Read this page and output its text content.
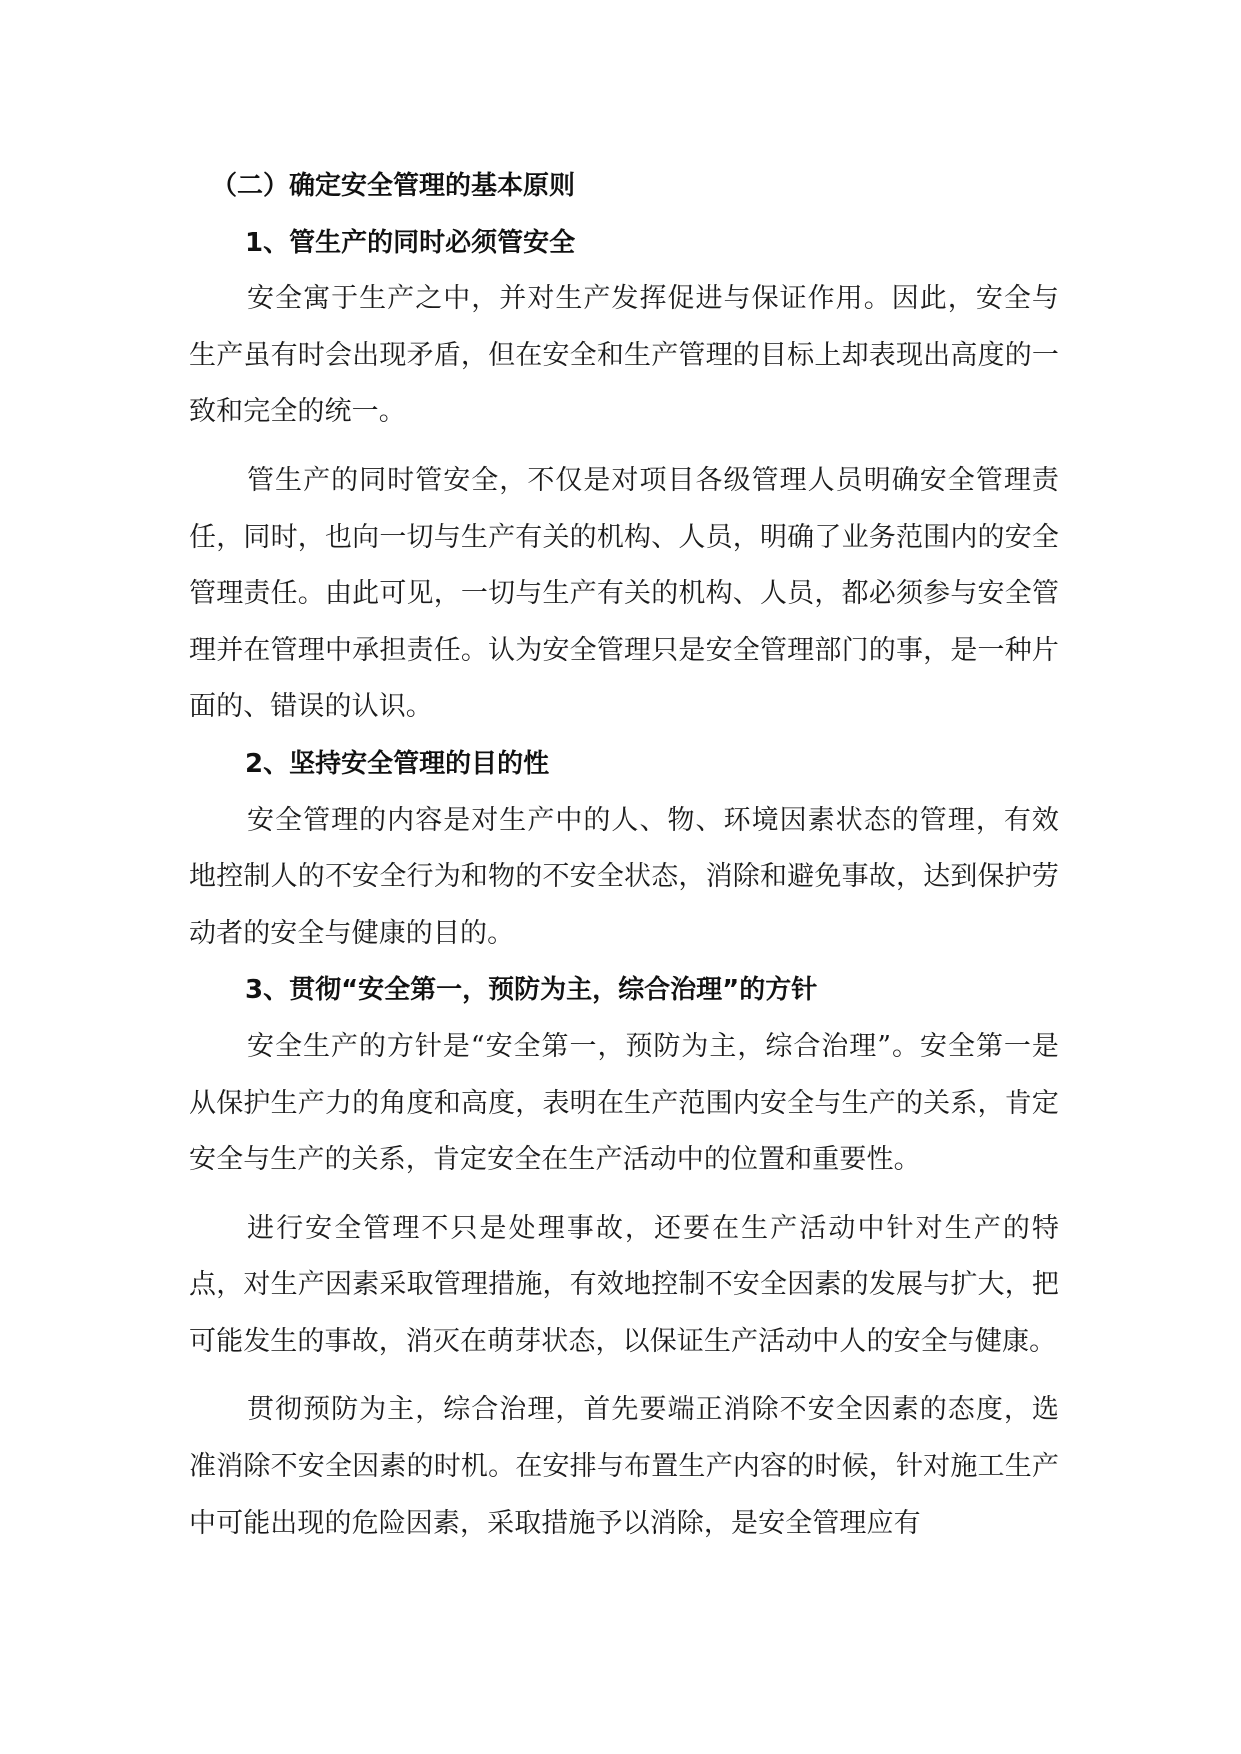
（二）确定安全管理的基本原则

1、管生产的同时必须管安全

安全寓于生产之中，并对生产发挥促进与保证作用。因此，安全与生产虽有时会出现矛盾，但在安全和生产管理的目标上却表现出高度的一致和完全的统一。

管生产的同时管安全，不仅是对项目各级管理人员明确安全管理责任，同时，也向一切与生产有关的机构、人员，明确了业务范围内的安全管理责任。由此可见，一切与生产有关的机构、人员，都必须参与安全管理并在管理中承担责任。认为安全管理只是安全管理部门的事，是一种片面的、错误的认识。

2、坚持安全管理的目的性

安全管理的内容是对生产中的人、物、环境因素状态的管理，有效地控制人的不安全行为和物的不安全状态，消除和避免事故，达到保护劳动者的安全与健康的目的。

3、贯彻“安全第一，预防为主，综合治理”的方针

安全生产的方针是“安全第一，预防为主，综合治理”。安全第一是从保护生产力的角度和高度，表明在生产范围内安全与生产的关系，肯定安全与生产的关系，肯定安全在生产活动中的位置和重要性。

进行安全管理不只是处理事故，还要在生产活动中针对生产的特点，对生产因素采取管理措施，有效地控制不安全因素的发展与扩大，把可能发生的事故，消灭在萌芽状态，以保证生产活动中人的安全与健康。

贯彻预防为主，综合治理，首先要端正消除不安全因素的态度，选准消除不安全因素的时机。在安排与布置生产内容的时候，针对施工生产中可能出现的危险因素，采取措施予以消除，是安全管理应有
